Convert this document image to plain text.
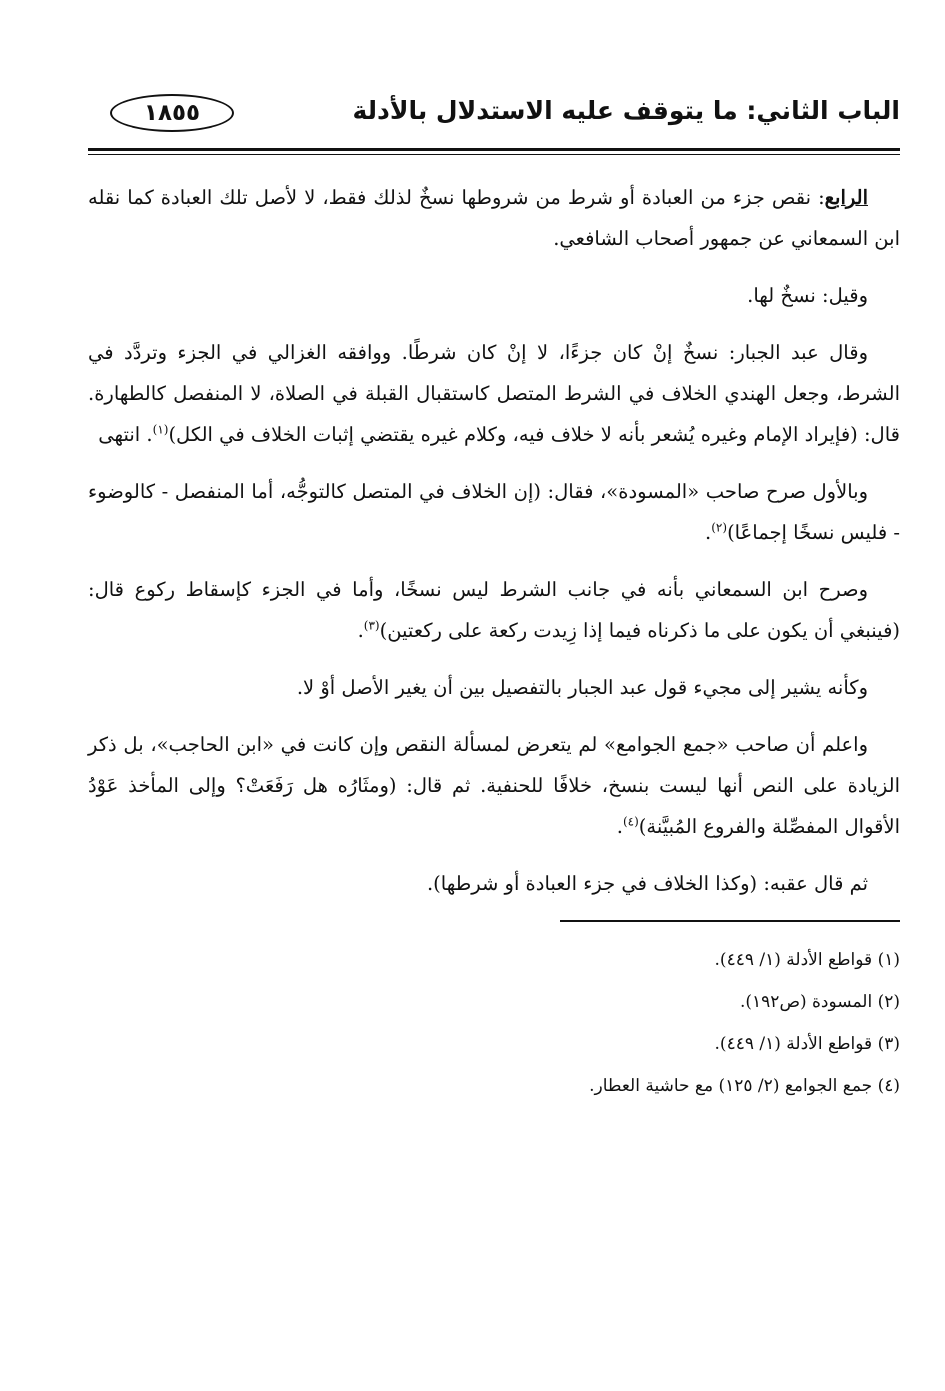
الباب الثاني: ما يتوقف عليه الاستدلال بالأدلة
١٨٥٥

الرابع: نقص جزء من العبادة أو شرط من شروطها نسخٌ لذلك فقط، لا لأصل تلك العبادة كما نقله ابن السمعاني عن جمهور أصحاب الشافعي.

وقيل: نسخٌ لها.

وقال عبد الجبار: نسخٌ إنْ كان جزءًا، لا إنْ كان شرطًا. ووافقه الغزالي في الجزء وتردَّد في الشرط، وجعل الهندي الخلاف في الشرط المتصل كاستقبال القبلة في الصلاة، لا المنفصل كالطهارة. قال: (فإيراد الإمام وغيره يُشعر بأنه لا خلاف فيه، وكلام غيره يقتضي إثبات الخلاف في الكل)$^{(١)}$. انتهى

وبالأول صرح صاحب «المسودة»، فقال: (إن الخلاف في المتصل كالتوجُّه، أما المنفصل - كالوضوء - فليس نسخًا إجماعًا)$^{(٢)}$.

وصرح ابن السمعاني بأنه في جانب الشرط ليس نسخًا، وأما في الجزء كإسقاط ركوع قال: (فينبغي أن يكون على ما ذكرناه فيما إذا زِيدت ركعة على ركعتين)$^{(٣)}$.

وكأنه يشير إلى مجيء قول عبد الجبار بالتفصيل بين أن يغير الأصل أوْ لا.

واعلم أن صاحب «جمع الجوامع» لم يتعرض لمسألة النقص وإن كانت في «ابن الحاجب»، بل ذكر الزيادة على النص أنها ليست بنسخ، خلافًا للحنفية. ثم قال: (ومثَارُه هل رَفَعَتْ؟ وإلى المأخذ عَوْدُ الأقوال المفصِّلة والفروع المُبيَّنة)$^{(٤)}$.

ثم قال عقبه: (وكذا الخلاف في جزء العبادة أو شرطها).

(١) قواطع الأدلة (١/ ٤٤٩).
(٢) المسودة (ص١٩٢).
(٣) قواطع الأدلة (١/ ٤٤٩).
(٤) جمع الجوامع (٢/ ١٢٥) مع حاشية العطار.
